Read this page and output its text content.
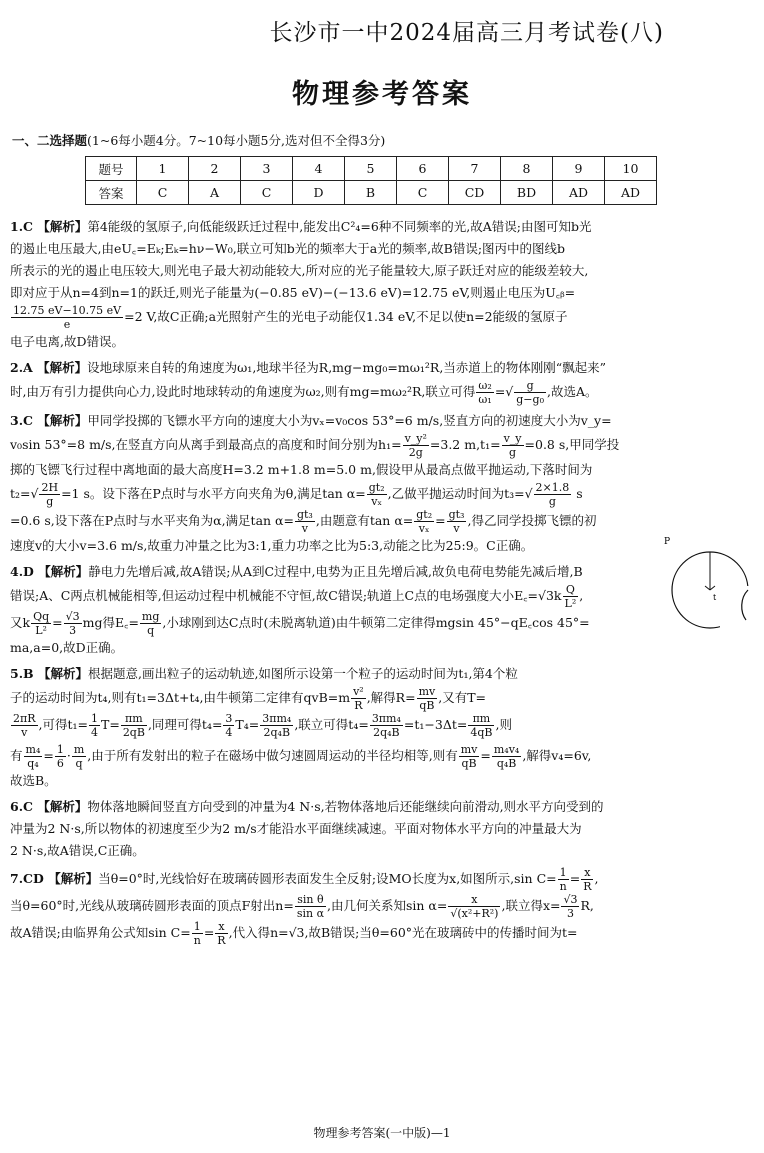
长沙市一中2024届高三月考试卷(八)
物理参考答案
一、二选择题(1~6每小题4分。7~10每小题5分,选对但不全得3分)
题号	1	2	3	4	5	6	7	8	9	10
答案	C	A	C	D	B	C	CD	BD	AD	AD

1.C 【解析】第4能级的氢原子,向低能级跃迁过程中,能发出C²₄=6种不同频率的光,故A错误;由图可知b光

的遏止电压最大,由eU꜀=Eₖ;Eₖ=hν−W₀,联立可知b光的频率大于a光的频率,故B错误;图丙中的图线b

所表示的光的遏止电压较大,则光电子最大初动能较大,所对应的光子能量较大,原子跃迁对应的能级差较大,

即对应于从n=4到n=1的跃迁,则光子能量为(−0.85 eV)−(−13.6 eV)=12.75 eV,则遏止电压为U꜀ᵦ=

$\frac{12.75 eV-10.75 eV}{e} =2$ V,故C正确;a光照射产生的光电子动能仅1.34 eV,不足以使n=2能级的氢原子

电子电离,故D错误。

2.A 【解析】设地球原来自转的角速度为ω₁,地球半径为R,mg−mg₀=mω₁²R,当赤道上的物体刚刚“飘起来”

时,由万有引力提供向心力,设此时地球转动的角速度为ω₂,则有mg=mω₂²R,联立可得 $\frac{\text{ω₂}}{\text{ω₁}}$ =√ $\frac{g}{\text{g−g₀}}$ ,故选A。

3.C 【解析】甲同学投掷的飞镖水平方向的速度大小为vₓ=v₀cos 53°=6 m/s,竖直方向的初速度大小为v_y=

v₀sin 53°=8 m/s,在竖直方向从离手到最高点的高度和时间分别为$h_1= \frac{\text{v\_y²}}{2g} =3.2$ $m,t_1= \frac{v\_y}{g} =0.8$ s,甲同学投

掷的飞镖飞行过程中离地面的最大高度H=3.2 m+1.8 m=5.0 m,假设甲从最高点做平抛运动,下落时间为

$t_2=√ \frac{2H}{g} =1$ s。设下落在P点时与水平方向夹角为θ,满足$\tan \alpha= \frac{\text{gt₂}}{\text{vₓ}}$ ,乙做平抛运动时间为$t_3=√ \frac{2\times 1.8}{g}$ s

=0.6 s,设下落在P点时与水平夹角为α,满足$\tan \alpha= \frac{\text{gt₃}}{v}$ ,由题意有$\tan \alpha= \frac{\text{gt₂}}{\text{vₓ}} = \frac{\text{gt₃}}{v}$ ,得乙同学投掷飞镖的初

速度v的大小v=3.6 m/s,故重力冲量之比为3:1,重力功率之比为5:3,动能之比为25:9。C正确。

4.D 【解析】静电力先增后减,故A错误;从A到C过程中,电势为正且先增后减,故负电荷电势能先减后增,B

错误;A、C两点机械能相等,但运动过程中机械能不守恒,故C错误;轨道上C点的电场强度大小E꜀=√3k $\frac{Q}{\text{L²}}$ ,

又k $\frac{Qq}{\text{L²}} = \frac{√3}{3}$ mg得E꜀= $\frac{mg}{q}$ ,小球刚到达C点时(未脱离轨道)由牛顿第二定律得mgsin 45°−qE꜀cos 45°=

ma,a=0,故D正确。

5.B 【解析】根据题意,画出粒子的运动轨迹,如图所示设第一个粒子的运动时间为t₁,第4个粒

子的运动时间为t₄,则有t₁=3Δt+t₄,由牛顿第二定律有$qvB=m \frac{\text{v²}}{R}$ ,解得$R= \frac{mv}{qB}$ ,又有T=

$\frac{2\pi R}{v}$ ,可得$t_1= \frac{1}{4} T= \frac{\pi m}{2qB}$ ,同理可得$t_4= \frac{3}{4} T_4= \frac{\text{3πm₄}}{\text{2q₄B}}$ ,联立可得$t_4= \frac{\text{3πm₄}}{\text{2q₄B}} =t_1-3\Delta t= \frac{\pi m}{4qB}$ ,则

有 $\frac{\text{m₄}}{\text{q₄}} = \frac{1}{6} \cdot \frac{m}{q}$ ,由于所有发射出的粒子在磁场中做匀速圆周运动的半径均相等,则有 $\frac{mv}{qB} = \frac{\text{m₄v₄}}{\text{q₄B}}$ ,解得v₄=6v,

故选B。

6.C 【解析】物体落地瞬间竖直方向受到的冲量为4 N·s,若物体落地后还能继续向前滑动,则水平方向受到的

冲量为2 N·s,所以物体的初速度至少为2 m/s才能沿水平面继续减速。平面对物体水平方向的冲量最大为

2 N·s,故A错误,C正确。

7.CD 【解析】当θ=0°时,光线恰好在玻璃砖圆形表面发生全反射;设MO长度为x,如图所示,sin $C= \frac{1}{n} = \frac{x}{R}$ ,

当θ=60°时,光线从玻璃砖圆形表面的顶点F射出$n= \frac{\text{sin θ}}{\text{sin α}}$ ,由几何关系知$\sin \alpha= \frac{x}{\text{√(x²+R²)}}$ ,联立得$x= \frac{√3}{3} R$,

故A错误;由临界角公式知$\sin C= \frac{1}{n} = \frac{x}{R}$ ,代入得n=√3,故B错误;当θ=60°光在玻璃砖中的传播时间为t=

P
t
物理参考答案(一中版)—1
